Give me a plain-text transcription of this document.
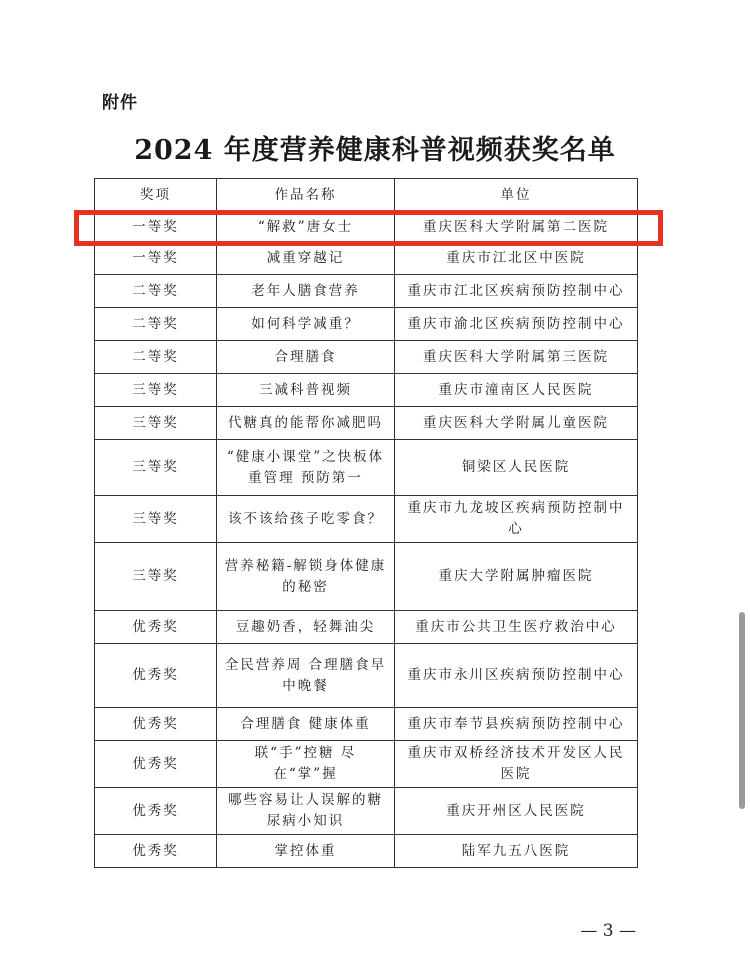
附件
2024 年度营养健康科普视频获奖名单
奖项	作品名称	单位
一等奖	“解救”唐女士	重庆医科大学附属第二医院
一等奖	减重穿越记	重庆市江北区中医院
二等奖	老年人膳食营养	重庆市江北区疾病预防控制中心
二等奖	如何科学减重？	重庆市渝北区疾病预防控制中心
二等奖	合理膳食	重庆医科大学附属第三医院
三等奖	三减科普视频	重庆市潼南区人民医院
三等奖	代糖真的能帮你减肥吗	重庆医科大学附属儿童医院
三等奖	“健康小课堂”之快板体重管理 预防第一	铜梁区人民医院
三等奖	该不该给孩子吃零食？	重庆市九龙坡区疾病预防控制中心
三等奖	营养秘籍-解锁身体健康的秘密	重庆大学附属肿瘤医院
优秀奖	豆趣奶香，轻舞油尖	重庆市公共卫生医疗救治中心
优秀奖	全民营养周 合理膳食早中晚餐	重庆市永川区疾病预防控制中心
优秀奖	合理膳食 健康体重	重庆市奉节县疾病预防控制中心
优秀奖	联“手”控糖 尽在“掌”握	重庆市双桥经济技术开发区人民医院
优秀奖	哪些容易让人误解的糖尿病小知识	重庆开州区人民医院
优秀奖	掌控体重	陆军九五八医院
— 3 —
